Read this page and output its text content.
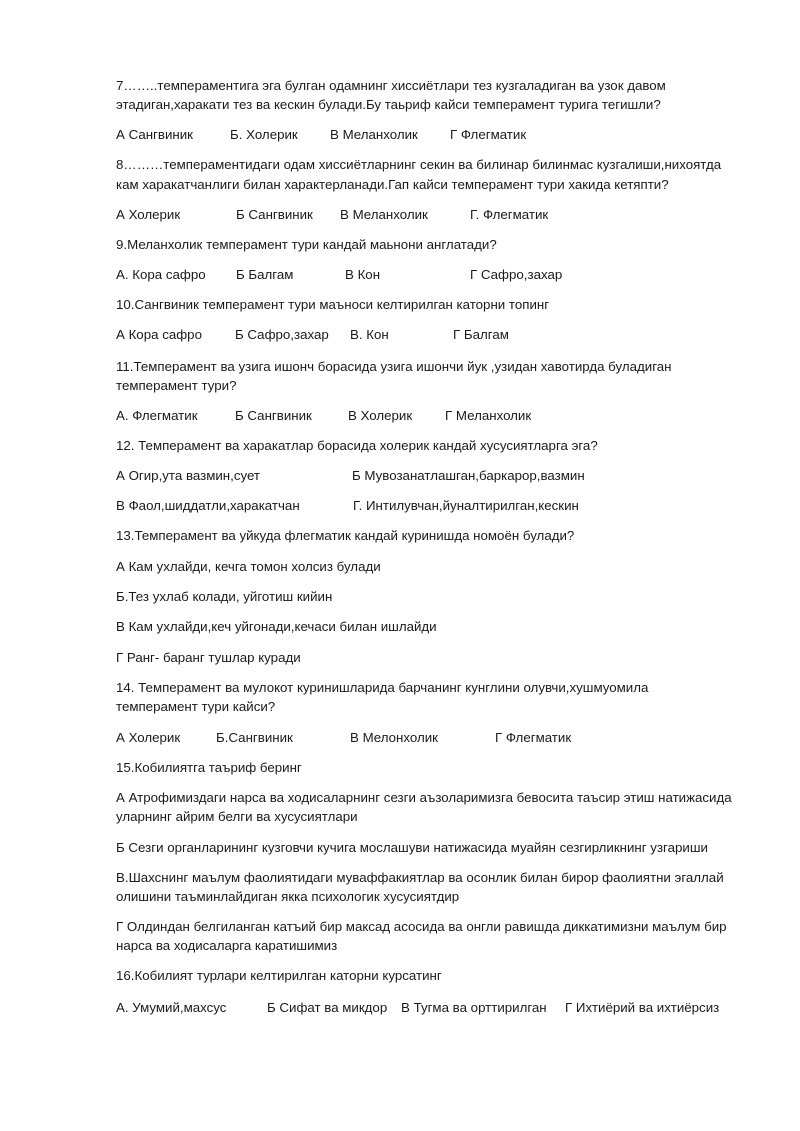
7……..темпераментига эга булган одамнинг хиссиётлари тез кузгаладиган ва узок давом
этадиган,харакати тез ва кескин булади.Бу таьриф кайси темперамент турига тегишли?
А Сангвиник	Б. Холерик В Меланхолик Г Флегматик
8………темпераментидаги одам хиссиётларнинг секин ва билинар билинмас кузгалиши,нихоятда
кам харакатчанлиги билан характерланади.Гап кайси темперамент тури хакида кетяпти?
А Холерик	Б Сангвиник В Меланхолик	Г. Флегматик
9.Меланхолик темперамент тури кандай маьнони англатади?
А. Кора сафро Б Балгам	В Кон	Г Сафро,захар
10.Сангвиник темперамент тури маъноси келтирилган каторни топинг
А Кора сафро Б Сафро,захар В. Кон	Г Балгам
11.Темперамент ва узига ишонч борасида узига ишончи йук ,узидан хавотирда буладиган
темперамент тури?
А. Флегматик	Б Сангвиник	В Холерик Г Меланхолик
12. Темперамент ва харакатлар борасида холерик кандай хусусиятларга эга?
А Огир,ута вазмин,сует	Б Мувозанатлашган,баркарор,вазмин
В Фаол,шиддатли,харакатчан	Г. Интилувчан,йуналтирилган,кескин
13.Темперамент ва уйкуда флегматик кандай куринишда номоён булади?
А Кам ухлайди, кечга томон холсиз булади
Б.Тез ухлаб колади, уйготиш кийин
В Кам ухлайди,кеч уйгонади,кечаси билан ишлайди
Г Ранг- баранг тушлар куради
14. Темперамент ва мулокот куринишларида барчанинг кунглини олувчи,хушмуомила
темперамент тури кайси?
А Холерик	Б.Сангвиник	В Мелонхолик	Г Флегматик
15.Кобилиятга таъриф беринг
А Атрофимиздаги нарса ва ходисаларнинг сезги аъзоларимизга бевосита таъсир этиш натижасида
уларнинг айрим белги ва хусусиятлари
Б Сезги органларининг кузговчи кучига мослашуви натижасида муайян сезгирликнинг узгариши
В.Шахснинг маълум фаолиятидаги муваффакиятлар ва осонлик билан бирор фаолиятни эгаллай
олишини таъминлайдиган якка психологик хусусиятдир
Г Олдиндан белгиланган катъий бир максад асосида ва онгли равишда диккатимизни маълум бир
нарса ва ходисаларга каратишимиз
16.Кобилият турлари келтирилган каторни курсатинг
А. Умумий,махсус	Б Сифат ва микдор В Тугма ва орттирилган Г Ихтиёрий ва ихтиёрсиз
